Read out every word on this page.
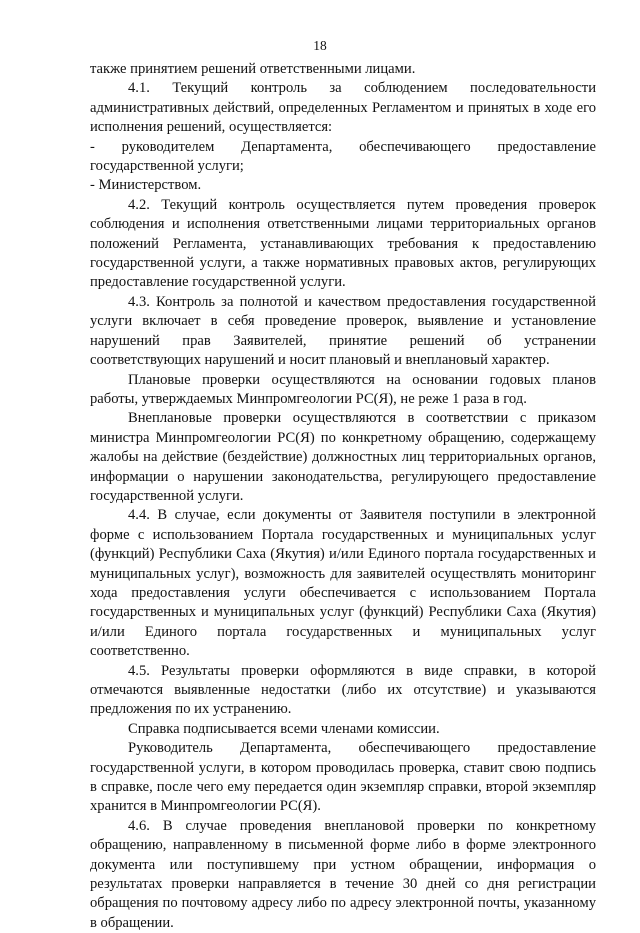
18

также принятием решений ответственными лицами.

4.1. Текущий контроль за соблюдением последовательности административных действий, определенных Регламентом и принятых в ходе его исполнения решений, осуществляется:

- руководителем Департамента, обеспечивающего предоставление государственной услуги;

- Министерством.

4.2. Текущий контроль осуществляется путем проведения проверок соблюдения и исполнения ответственными лицами территориальных органов положений Регламента, устанавливающих требования к предоставлению государственной услуги, а также нормативных правовых актов, регулирующих предоставление государственной услуги.

4.3. Контроль за полнотой и качеством предоставления государственной услуги включает в себя проведение проверок, выявление и установление нарушений прав Заявителей, принятие решений об устранении соответствующих нарушений и носит плановый и внеплановый характер.

Плановые проверки осуществляются на основании годовых планов работы, утверждаемых Минпромгеологии РС(Я), не реже 1 раза в год.

Внеплановые проверки осуществляются в соответствии с приказом министра Минпромгеологии РС(Я) по конкретному обращению, содержащему жалобы на действие (бездействие) должностных лиц территориальных органов, информации о нарушении законодательства, регулирующего предоставление государственной услуги.

4.4. В случае, если документы от Заявителя поступили в электронной форме с использованием Портала государственных и муниципальных услуг (функций) Республики Саха (Якутия) и/или Единого портала государственных и муниципальных услуг), возможность для заявителей осуществлять мониторинг хода предоставления услуги обеспечивается с использованием Портала государственных и муниципальных услуг (функций) Республики Саха (Якутия) и/или Единого портала государственных и муниципальных услуг соответственно.

4.5. Результаты проверки оформляются в виде справки, в которой отмечаются выявленные недостатки (либо их отсутствие) и указываются предложения по их устранению.

Справка подписывается всеми членами комиссии.

Руководитель Департамента, обеспечивающего предоставление государственной услуги, в котором проводилась проверка, ставит свою подпись в справке, после чего ему передается один экземпляр справки, второй экземпляр хранится в Минпромгеологии РС(Я).

4.6. В случае проведения внеплановой проверки по конкретному обращению, направленному в письменной форме либо в форме электронного документа или поступившему при устном обращении, информация о результатах проверки направляется в течение 30 дней со дня регистрации обращения по почтовому адресу либо по адресу электронной почты, указанному в обращении.
